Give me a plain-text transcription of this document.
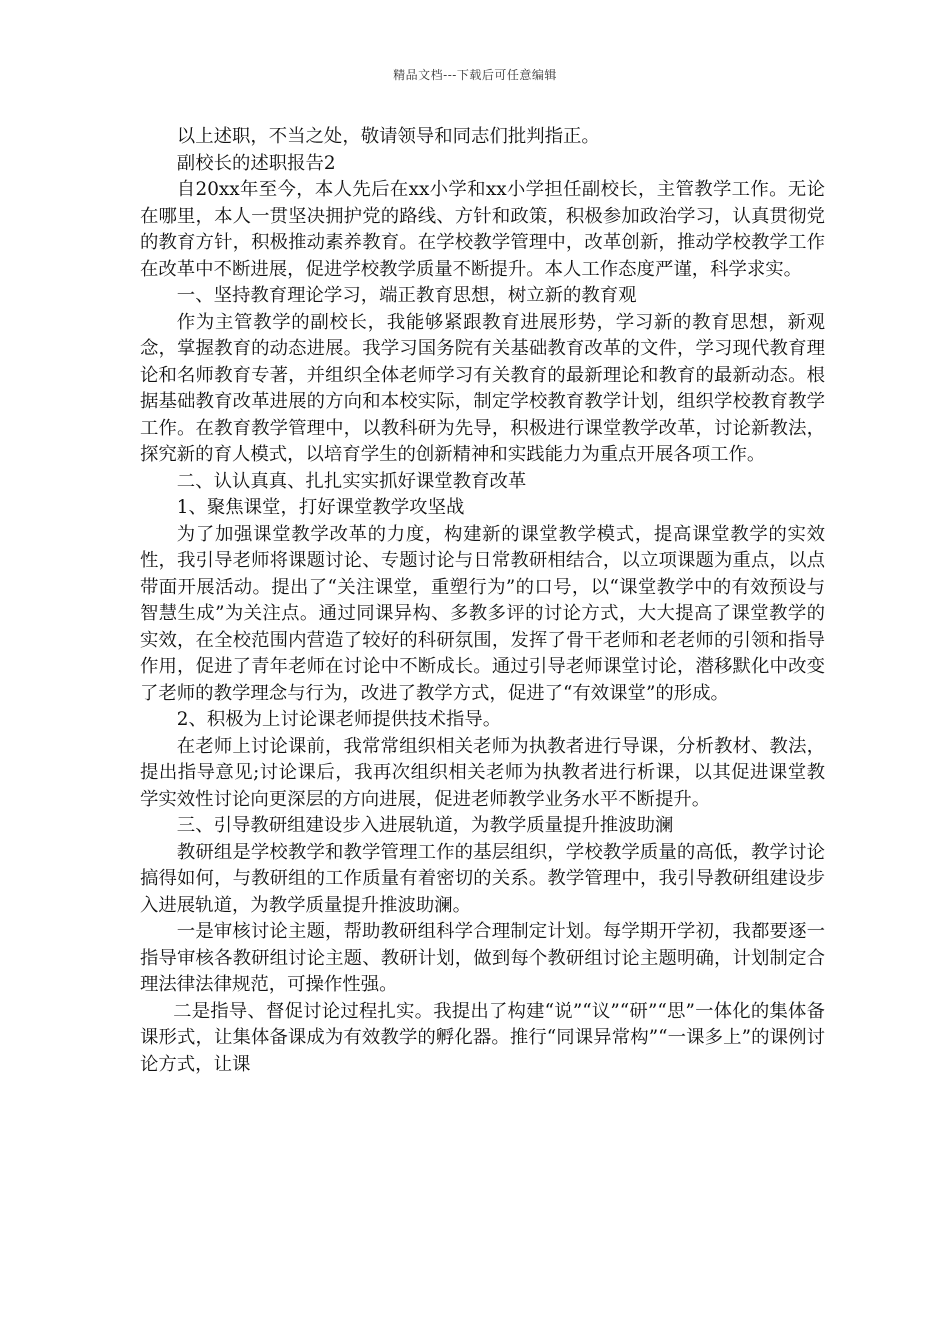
精品文档---下载后可任意编辑

以上述职，不当之处，敬请领导和同志们批判指正。

副校长的述职报告2

自20xx年至今，本人先后在xx小学和xx小学担任副校长，主管教学工作。无论在哪里，本人一贯坚决拥护党的路线、方针和政策，积极参加政治学习，认真贯彻党的教育方针，积极推动素养教育。在学校教学管理中，改革创新，推动学校教学工作在改革中不断进展，促进学校教学质量不断提升。本人工作态度严谨，科学求实。

一、坚持教育理论学习，端正教育思想，树立新的教育观

作为主管教学的副校长，我能够紧跟教育进展形势，学习新的教育思想，新观念，掌握教育的动态进展。我学习国务院有关基础教育改革的文件，学习现代教育理论和名师教育专著，并组织全体老师学习有关教育的最新理论和教育的最新动态。根据基础教育改革进展的方向和本校实际，制定学校教育教学计划，组织学校教育教学工作。在教育教学管理中，以教科研为先导，积极进行课堂教学改革，讨论新教法，探究新的育人模式，以培育学生的创新精神和实践能力为重点开展各项工作。

二、认认真真、扎扎实实抓好课堂教育改革

1、聚焦课堂，打好课堂教学攻坚战

为了加强课堂教学改革的力度，构建新的课堂教学模式，提高课堂教学的实效性，我引导老师将课题讨论、专题讨论与日常教研相结合，以立项课题为重点，以点带面开展活动。提出了“关注课堂，重塑行为”的口号，以“课堂教学中的有效预设与智慧生成”为关注点。通过同课异构、多教多评的讨论方式，大大提高了课堂教学的实效，在全校范围内营造了较好的科研氛围，发挥了骨干老师和老老师的引领和指导作用，促进了青年老师在讨论中不断成长。通过引导老师课堂讨论，潜移默化中改变了老师的教学理念与行为，改进了教学方式，促进了“有效课堂”的形成。

2、积极为上讨论课老师提供技术指导。

在老师上讨论课前，我常常组织相关老师为执教者进行导课，分析教材、教法，提出指导意见;讨论课后，我再次组织相关老师为执教者进行析课，以其促进课堂教学实效性讨论向更深层的方向进展，促进老师教学业务水平不断提升。

三、引导教研组建设步入进展轨道，为教学质量提升推波助澜

教研组是学校教学和教学管理工作的基层组织，学校教学质量的高低，教学讨论搞得如何，与教研组的工作质量有着密切的关系。教学管理中，我引导教研组建设步入进展轨道，为教学质量提升推波助澜。

一是审核讨论主题，帮助教研组科学合理制定计划。每学期开学初，我都要逐一指导审核各教研组讨论主题、教研计划，做到每个教研组讨论主题明确，计划制定合理法律法律规范，可操作性强。

二是指导、督促讨论过程扎实。我提出了构建“说”“议”“研”“思”一体化的集体备课形式，让集体备课成为有效教学的孵化器。推行“同课异常构”“一课多上”的课例讨论方式，让课
